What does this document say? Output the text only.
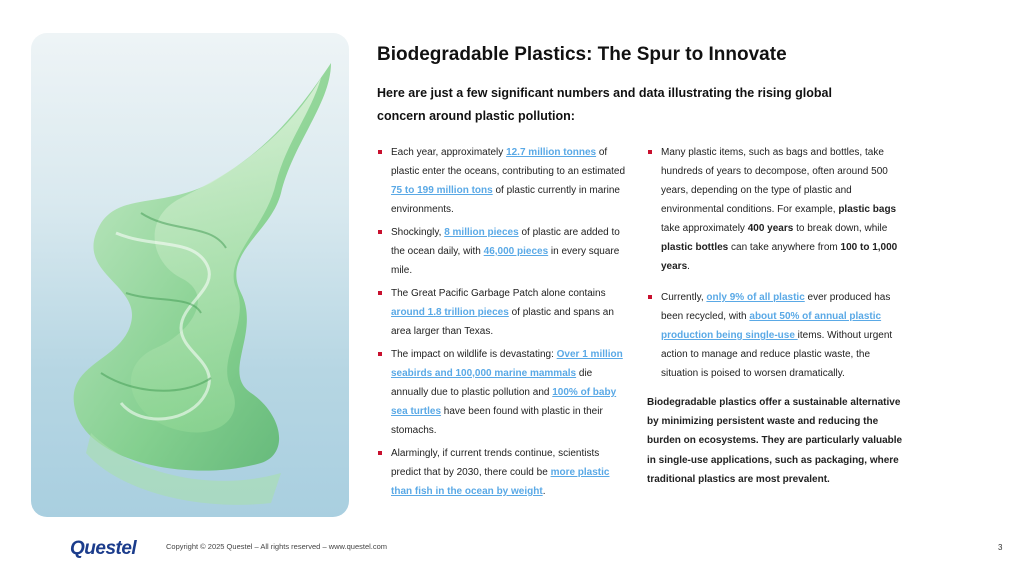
Biodegradable Plastics: The Spur to Innovate
Here are just a few significant numbers and data illustrating the rising global concern around plastic pollution:
Each year, approximately 12.7 million tonnes of plastic enter the oceans, contributing to an estimated 75 to 199 million tons of plastic currently in marine environments.
Shockingly, 8 million pieces of plastic are added to the ocean daily, with 46,000 pieces in every square mile.
The Great Pacific Garbage Patch alone contains around 1.8 trillion pieces of plastic and spans an area larger than Texas.
The impact on wildlife is devastating: Over 1 million seabirds and 100,000 marine mammals die annually due to plastic pollution and 100% of baby sea turtles have been found with plastic in their stomachs.
Alarmingly, if current trends continue, scientists predict that by 2030, there could be more plastic than fish in the ocean by weight.
Many plastic items, such as bags and bottles, take hundreds of years to decompose, often around 500 years, depending on the type of plastic and environmental conditions. For example, plastic bags take approximately 400 years to break down, while plastic bottles can take anywhere from 100 to 1,000 years.
Currently, only 9% of all plastic ever produced has been recycled, with about 50% of annual plastic production being single-use items. Without urgent action to manage and reduce plastic waste, the situation is poised to worsen dramatically.
Biodegradable plastics offer a sustainable alternative by minimizing persistent waste and reducing the burden on ecosystems. They are particularly valuable in single-use applications, such as packaging, where traditional plastics are most prevalent.
Questel	Copyright © 2025 Questel – All rights reserved – www.questel.com	3
